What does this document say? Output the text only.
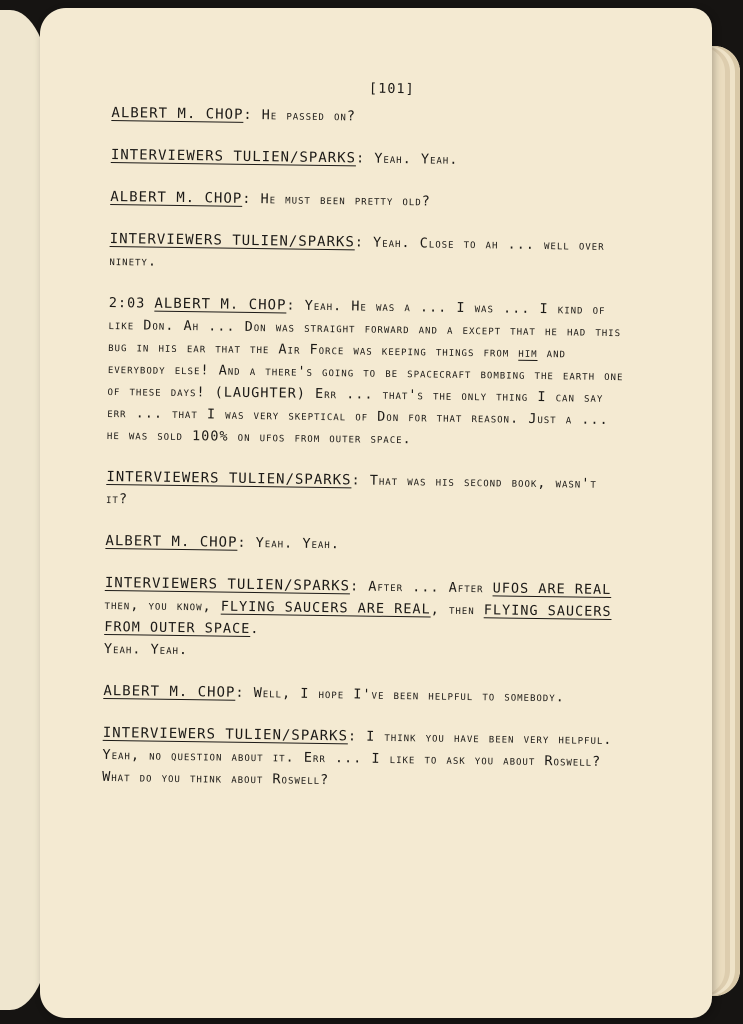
[101]

ALBERT M. CHOP: He passed on?

INTERVIEWERS TULIEN/SPARKS: Yeah. Yeah.

ALBERT M. CHOP: He must been pretty old?

INTERVIEWERS TULIEN/SPARKS: Yeah. Close to ah ... well over ninety.

2:03 ALBERT M. CHOP: Yeah. He was a ... I was ... I kind of like Don. Ah ... Don was straight forward and a except that he had this bug in his ear that the Air Force was keeping things from him and everybody else! And a there's going to be spacecraft bombing the earth one of these days! (LAUGHTER) Err ... that's the only thing I can say err ... that I was very skeptical of Don for that reason. Just a ... he was sold 100% on ufos from outer space.

INTERVIEWERS TULIEN/SPARKS: That was his second book, wasn't it?

ALBERT M. CHOP: Yeah. Yeah.

INTERVIEWERS TULIEN/SPARKS: After ... After UFOS ARE REAL then, you know, FLYING SAUCERS ARE REAL, then FLYING SAUCERS FROM OUTER SPACE.
Yeah. Yeah.

ALBERT M. CHOP: Well, I hope I've been helpful to somebody.

INTERVIEWERS TULIEN/SPARKS: I think you have been very helpful. Yeah, no question about it. Err ... I like to ask you about Roswell? What do you think about Roswell?
